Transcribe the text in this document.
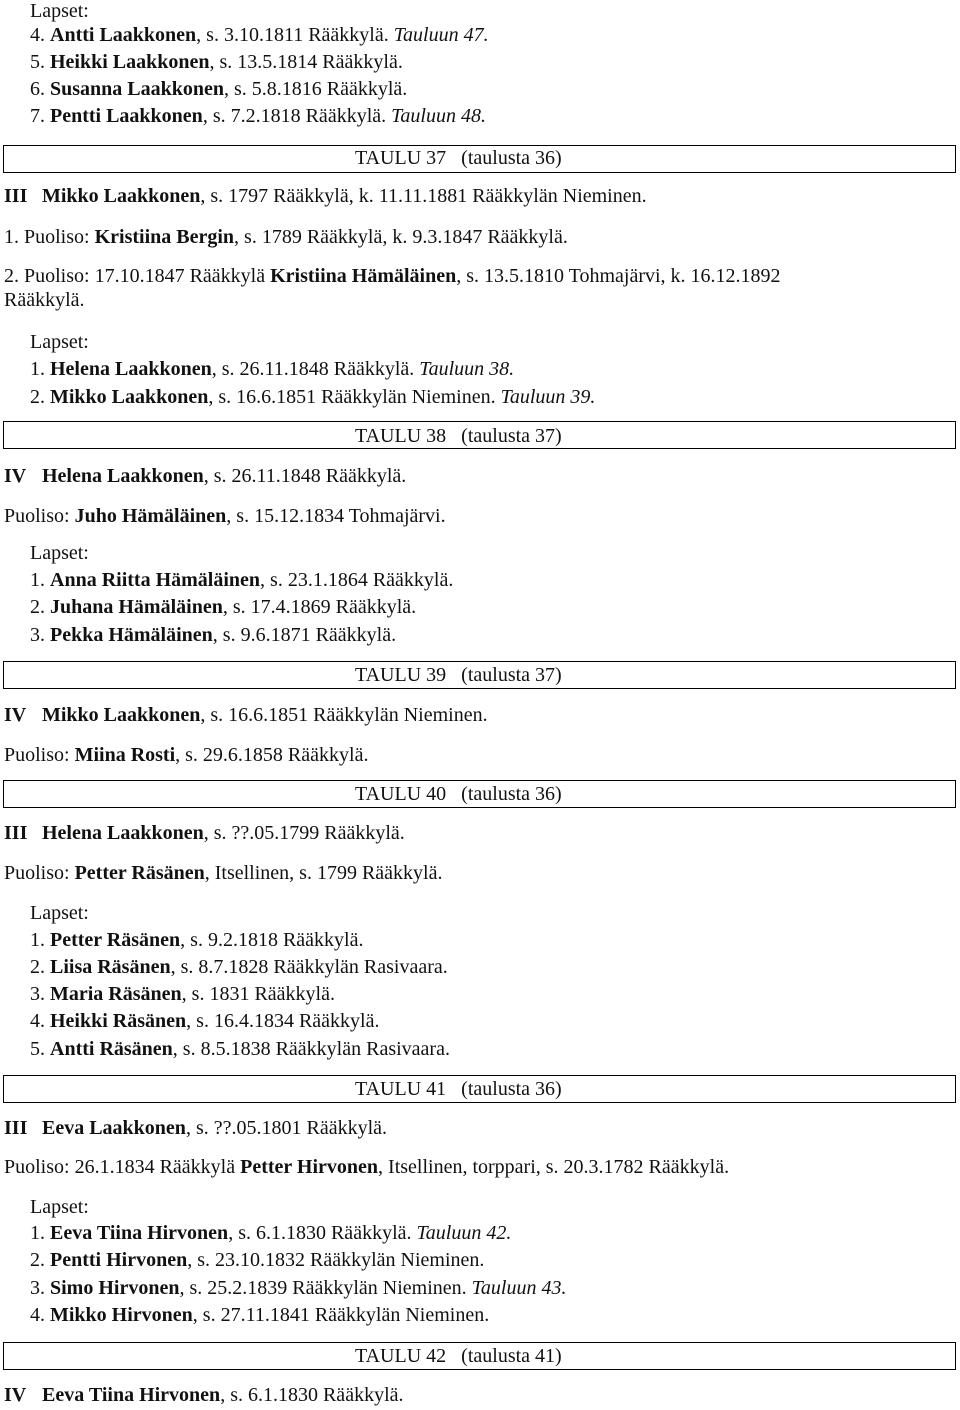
Lapset:
4. Antti Laakkonen, s. 3.10.1811 Rääkkylä. Tauluun 47.
5. Heikki Laakkonen, s. 13.5.1814 Rääkkylä.
6. Susanna Laakkonen, s. 5.8.1816 Rääkkylä.
7. Pentti Laakkonen, s. 7.2.1818 Rääkkylä. Tauluun 48.
TAULU 37 (taulusta 36)
III Mikko Laakkonen, s. 1797 Rääkkylä, k. 11.11.1881 Rääkkylän Nieminen.
1. Puoliso: Kristiina Bergin, s. 1789 Rääkkylä, k. 9.3.1847 Rääkkylä.
2. Puoliso: 17.10.1847 Rääkkylä Kristiina Hämäläinen, s. 13.5.1810 Tohmajärvi, k. 16.12.1892
Rääkkylä.
Lapset:
1. Helena Laakkonen, s. 26.11.1848 Rääkkylä. Tauluun 38.
2. Mikko Laakkonen, s. 16.6.1851 Rääkkylän Nieminen. Tauluun 39.
TAULU 38 (taulusta 37)
IV Helena Laakkonen, s. 26.11.1848 Rääkkylä.
Puoliso: Juho Hämäläinen, s. 15.12.1834 Tohmajärvi.
Lapset:
1. Anna Riitta Hämäläinen, s. 23.1.1864 Rääkkylä.
2. Juhana Hämäläinen, s. 17.4.1869 Rääkkylä.
3. Pekka Hämäläinen, s. 9.6.1871 Rääkkylä.
TAULU 39 (taulusta 37)
IV Mikko Laakkonen, s. 16.6.1851 Rääkkylän Nieminen.
Puoliso: Miina Rosti, s. 29.6.1858 Rääkkylä.
TAULU 40 (taulusta 36)
III Helena Laakkonen, s. ??.05.1799 Rääkkylä.
Puoliso: Petter Räsänen, Itsellinen, s. 1799 Rääkkylä.
Lapset:
1. Petter Räsänen, s. 9.2.1818 Rääkkylä.
2. Liisa Räsänen, s. 8.7.1828 Rääkkylän Rasivaara.
3. Maria Räsänen, s. 1831 Rääkkylä.
4. Heikki Räsänen, s. 16.4.1834 Rääkkylä.
5. Antti Räsänen, s. 8.5.1838 Rääkkylän Rasivaara.
TAULU 41 (taulusta 36)
III Eeva Laakkonen, s. ??.05.1801 Rääkkylä.
Puoliso: 26.1.1834 Rääkkylä Petter Hirvonen, Itsellinen, torppari, s. 20.3.1782 Rääkkylä.
Lapset:
1. Eeva Tiina Hirvonen, s. 6.1.1830 Rääkkylä. Tauluun 42.
2. Pentti Hirvonen, s. 23.10.1832 Rääkkylän Nieminen.
3. Simo Hirvonen, s. 25.2.1839 Rääkkylän Nieminen. Tauluun 43.
4. Mikko Hirvonen, s. 27.11.1841 Rääkkylän Nieminen.
TAULU 42 (taulusta 41)
IV Eeva Tiina Hirvonen, s. 6.1.1830 Rääkkylä.
